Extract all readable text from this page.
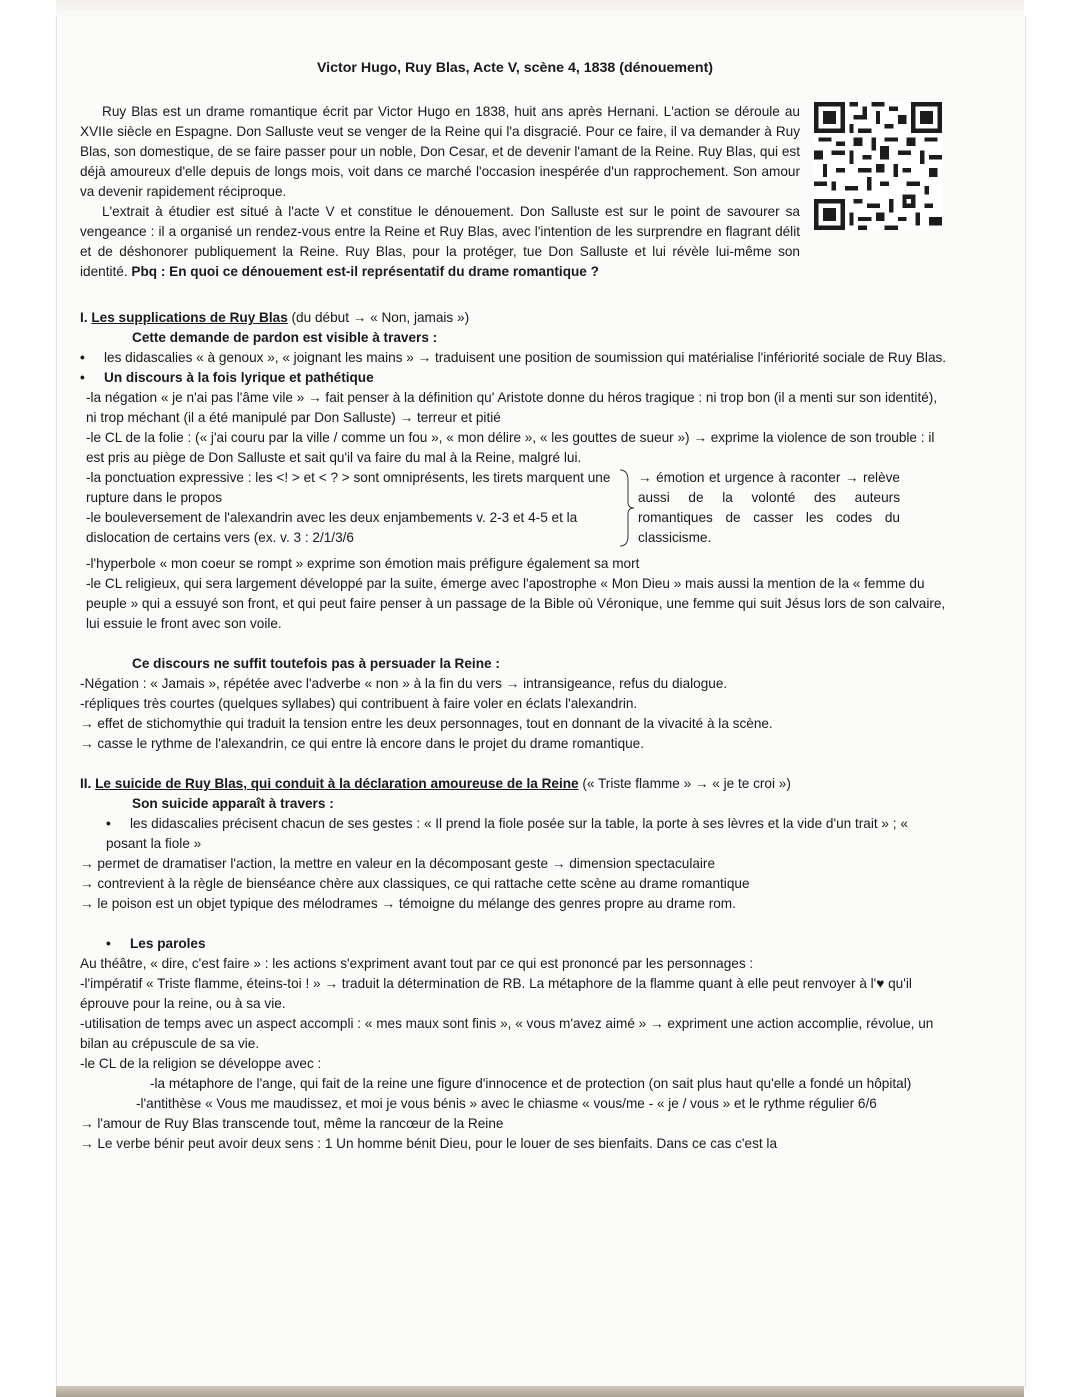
Victor Hugo, Ruy Blas, Acte V, scène 4, 1838 (dénouement)

Ruy Blas est un drame romantique écrit par Victor Hugo en 1838, huit ans après Hernani. L'action se déroule au XVIIe siècle en Espagne. Don Salluste veut se venger de la Reine qui l'a disgracié. Pour ce faire, il va demander à Ruy Blas, son domestique, de se faire passer pour un noble, Don Cesar, et de devenir l'amant de la Reine. Ruy Blas, qui est déjà amoureux d'elle depuis de longs mois, voit dans ce marché l'occasion inespérée d'un rapprochement. Son amour va devenir rapidement réciproque.

L'extrait à étudier est situé à l'acte V et constitue le dénouement. Don Salluste est sur le point de savourer sa vengeance : il a organisé un rendez-vous entre la Reine et Ruy Blas, avec l'intention de les surprendre en flagrant délit et de déshonorer publiquement la Reine. Ruy Blas, pour la protéger, tue Don Salluste et lui révèle lui-même son identité. Pbq : En quoi ce dénouement est-il représentatif du drame romantique ?

I. Les supplications de Ruy Blas (du début → « Non, jamais »)
Cette demande de pardon est visible à travers :
• les didascalies « à genoux », « joignant les mains » → traduisent une position de soumission qui matérialise l'infériorité sociale de Ruy Blas.
• Un discours à la fois lyrique et pathétique
-la négation « je n'ai pas l'âme vile » → fait penser à la définition qu' Aristote donne du héros tragique : ni trop bon (il a menti sur son identité), ni trop méchant (il a été manipulé par Don Salluste) → terreur et pitié
-le CL de la folie : (« j'ai couru par la ville / comme un fou », « mon délire », « les gouttes de sueur ») → exprime la violence de son trouble : il est pris au piège de Don Salluste et sait qu'il va faire du mal à la Reine, malgré lui.
-la ponctuation expressive : les <! > et < ? > sont omniprésents, les tirets marquent une rupture dans le propos
-le bouleversement de l'alexandrin avec les deux enjambements v. 2-3 et 4-5 et la dislocation de certains vers (ex. v. 3 : 2/1/3/6
→ émotion et urgence à raconter → relève aussi de la volonté des auteurs romantiques de casser les codes du classicisme.
-l'hyperbole « mon coeur se rompt » exprime son émotion mais préfigure également sa mort
-le CL religieux, qui sera largement développé par la suite, émerge avec l'apostrophe « Mon Dieu » mais aussi la mention de la « femme du peuple » qui a essuyé son front, et qui peut faire penser à un passage de la Bible où Véronique, une femme qui suit Jésus lors de son calvaire, lui essuie le front avec son voile.
Ce discours ne suffit toutefois pas à persuader la Reine :
-Négation : « Jamais », répétée avec l'adverbe « non » à la fin du vers → intransigeance, refus du dialogue.
-répliques très courtes (quelques syllabes) qui contribuent à faire voler en éclats l'alexandrin.
→ effet de stichomythie qui traduit la tension entre les deux personnages, tout en donnant de la vivacité à la scène.
→ casse le rythme de l'alexandrin, ce qui entre là encore dans le projet du drame romantique.
II. Le suicide de Ruy Blas, qui conduit à la déclaration amoureuse de la Reine (« Triste flamme » → « je te croi »)
Son suicide apparaît à travers :
• les didascalies précisent chacun de ses gestes : « Il prend la fiole posée sur la table, la porte à ses lèvres et la vide d'un trait » ; « posant la fiole »
→ permet de dramatiser l'action, la mettre en valeur en la décomposant geste → dimension spectaculaire
→ contrevient à la règle de bienséance chère aux classiques, ce qui rattache cette scène au drame romantique
→ le poison est un objet typique des mélodrames → témoigne du mélange des genres propre au drame rom.
• Les paroles
Au théâtre, « dire, c'est faire » : les actions s'expriment avant tout par ce qui est prononcé par les personnages :
-l'impératif « Triste flamme, éteins-toi ! » → traduit la détermination de RB. La métaphore de la flamme quant à elle peut renvoyer à l'♥ qu'il éprouve pour la reine, ou à sa vie.
-utilisation de temps avec un aspect accompli : « mes maux sont finis », « vous m'avez aimé » → expriment une action accomplie, révolue, un bilan au crépuscule de sa vie.
-le CL de la religion se développe avec :
-la métaphore de l'ange, qui fait de la reine une figure d'innocence et de protection (on sait plus haut qu'elle a fondé un hôpital)
-l'antithèse « Vous me maudissez, et moi je vous bénis » avec le chiasme « vous/me - « je / vous » et le rythme régulier 6/6
→ l'amour de Ruy Blas transcende tout, même la rancœur de la Reine
→ Le verbe bénir peut avoir deux sens : 1 Un homme bénit Dieu, pour le louer de ses bienfaits. Dans ce cas c'est la
